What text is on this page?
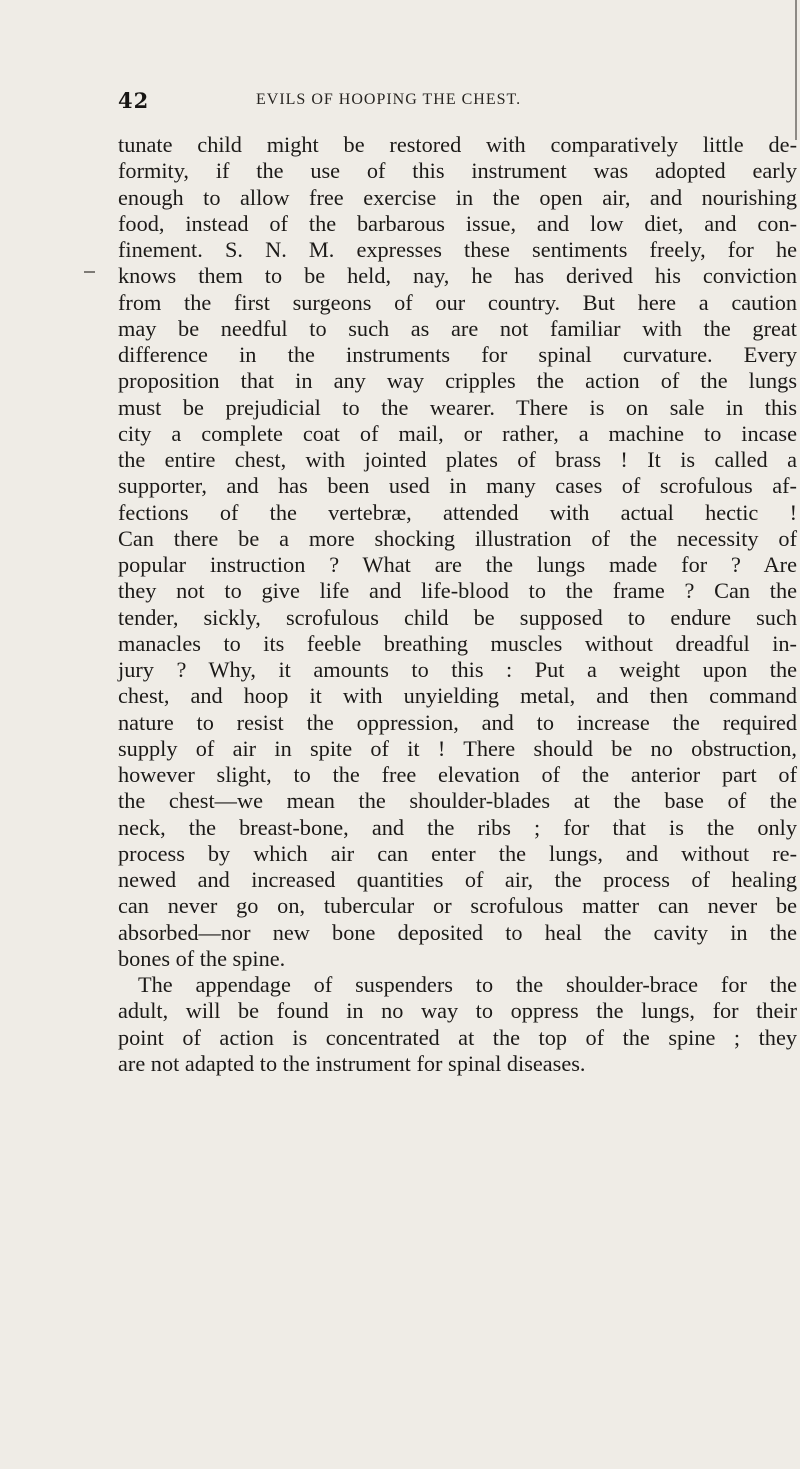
42	EVILS OF HOOPING THE CHEST.
tunate child might be restored with comparatively little de-
formity, if the use of this instrument was adopted early
enough to allow free exercise in the open air, and nourishing
food, instead of the barbarous issue, and low diet, and con-
finement. S. N. M. expresses these sentiments freely, for he
knows them to be held, nay, he has derived his conviction
from the first surgeons of our country. But here a caution
may be needful to such as are not familiar with the great
difference in the instruments for spinal curvature. Every
proposition that in any way cripples the action of the lungs
must be prejudicial to the wearer. There is on sale in this
city a complete coat of mail, or rather, a machine to incase
the entire chest, with jointed plates of brass ! It is called a
supporter, and has been used in many cases of scrofulous af-
fections of the vertebræ, attended with actual hectic !
Can there be a more shocking illustration of the necessity of
popular instruction ? What are the lungs made for ? Are
they not to give life and life-blood to the frame ? Can the
tender, sickly, scrofulous child be supposed to endure such
manacles to its feeble breathing muscles without dreadful in-
jury ? Why, it amounts to this : Put a weight upon the
chest, and hoop it with unyielding metal, and then command
nature to resist the oppression, and to increase the required
supply of air in spite of it ! There should be no obstruction,
however slight, to the free elevation of the anterior part of
the chest—we mean the shoulder-blades at the base of the
neck, the breast-bone, and the ribs ; for that is the only
process by which air can enter the lungs, and without re-
newed and increased quantities of air, the process of healing
can never go on, tubercular or scrofulous matter can never be
absorbed—nor new bone deposited to heal the cavity in the
bones of the spine.
The appendage of suspenders to the shoulder-brace for the
adult, will be found in no way to oppress the lungs, for their
point of action is concentrated at the top of the spine ; they
are not adapted to the instrument for spinal diseases.
